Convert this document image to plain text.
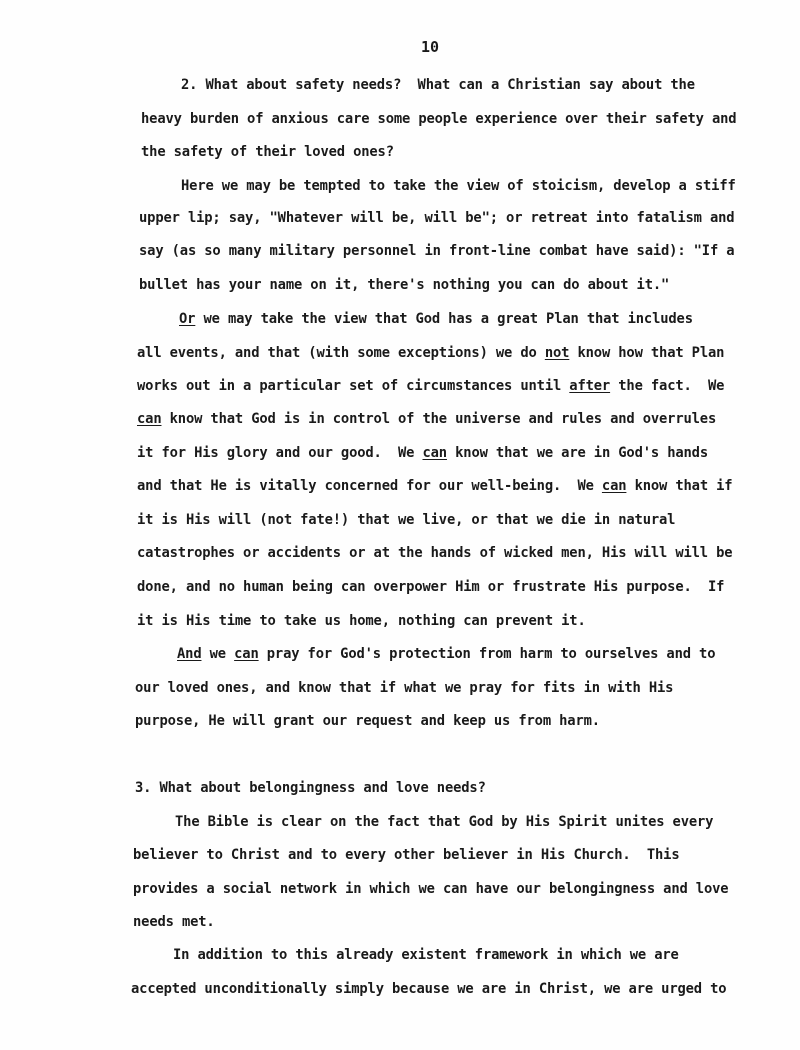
10
2. What about safety needs?  What can a Christian say about the
heavy burden of anxious care some people experience over their safety and
the safety of their loved ones?
Here we may be tempted to take the view of stoicism, develop a stiff
upper lip; say, "Whatever will be, will be"; or retreat into fatalism and
say (as so many military personnel in front-line combat have said): "If a
bullet has your name on it, there's nothing you can do about it."
Or we may take the view that God has a great Plan that includes
all events, and that (with some exceptions) we do not know how that Plan
works out in a particular set of circumstances until after the fact.  We
can know that God is in control of the universe and rules and overrules
it for His glory and our good.  We can know that we are in God's hands
and that He is vitally concerned for our well-being.  We can know that if
it is His will (not fate!) that we live, or that we die in natural
catastrophes or accidents or at the hands of wicked men, His will will be
done, and no human being can overpower Him or frustrate His purpose.  If
it is His time to take us home, nothing can prevent it.
And we can pray for God's protection from harm to ourselves and to
our loved ones, and know that if what we pray for fits in with His
purpose, He will grant our request and keep us from harm.
3. What about belongingness and love needs?
The Bible is clear on the fact that God by His Spirit unites every
believer to Christ and to every other believer in His Church.  This
provides a social network in which we can have our belongingness and love
needs met.
In addition to this already existent framework in which we are
accepted unconditionally simply because we are in Christ, we are urged to
